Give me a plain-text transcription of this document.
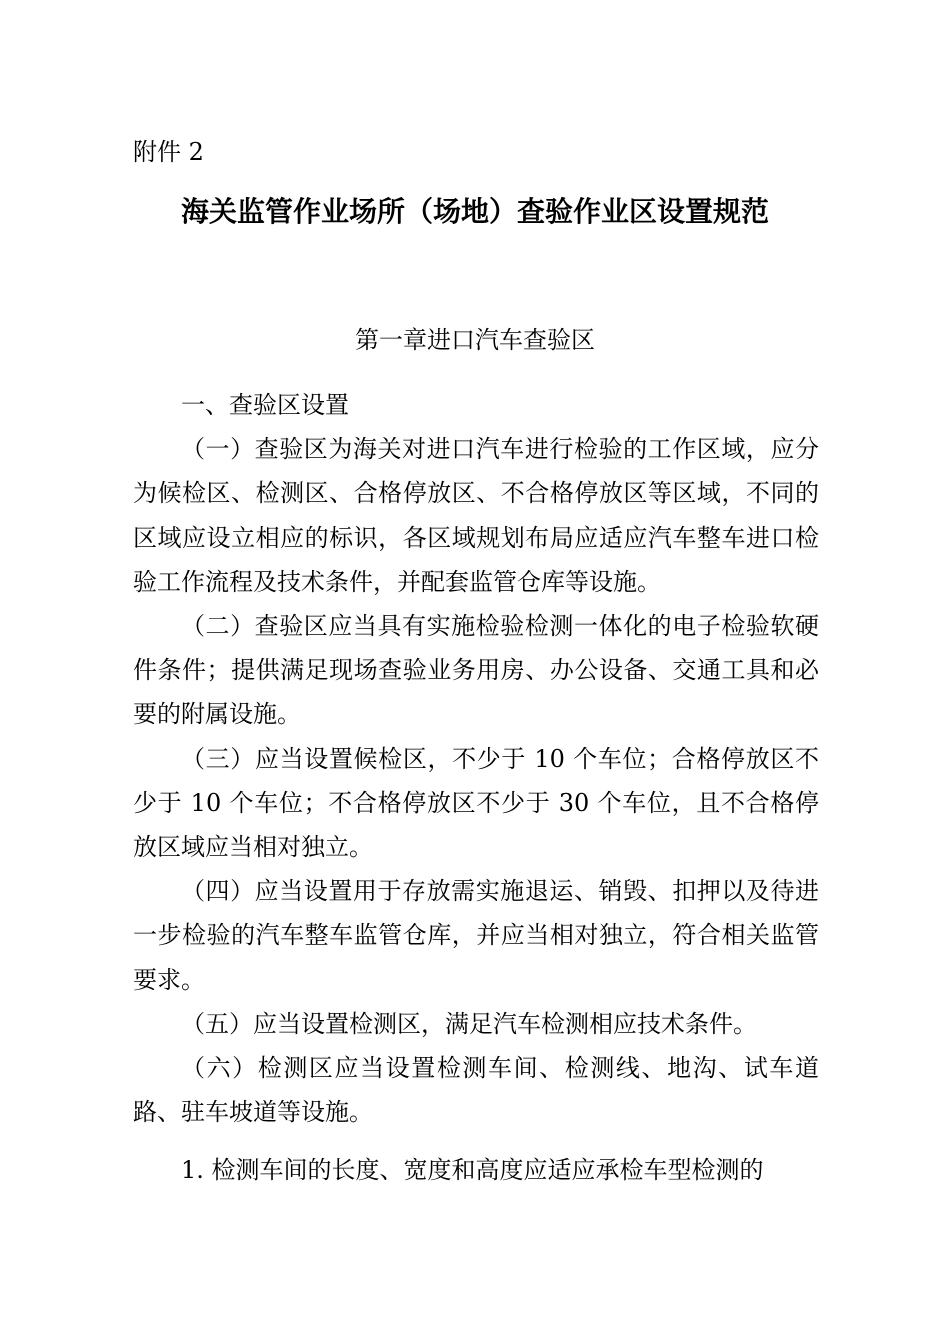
附件 2
海关监管作业场所（场地）查验作业区设置规范
第一章进口汽车查验区

一、查验区设置

（一）查验区为海关对进口汽车进行检验的工作区域，应分为候检区、检测区、合格停放区、不合格停放区等区域，不同的区域应设立相应的标识，各区域规划布局应适应汽车整车进口检验工作流程及技术条件，并配套监管仓库等设施。

（二）查验区应当具有实施检验检测一体化的电子检验软硬件条件；提供满足现场查验业务用房、办公设备、交通工具和必要的附属设施。

（三）应当设置候检区，不少于 10 个车位；合格停放区不少于 10 个车位；不合格停放区不少于 30 个车位，且不合格停放区域应当相对独立。

（四）应当设置用于存放需实施退运、销毁、扣押以及待进一步检验的汽车整车监管仓库，并应当相对独立，符合相关监管要求。

（五）应当设置检测区，满足汽车检测相应技术条件。

（六）检测区应当设置检测车间、检测线、地沟、试车道路、驻车坡道等设施。

1. 检测车间的长度、宽度和高度应适应承检车型检测的
